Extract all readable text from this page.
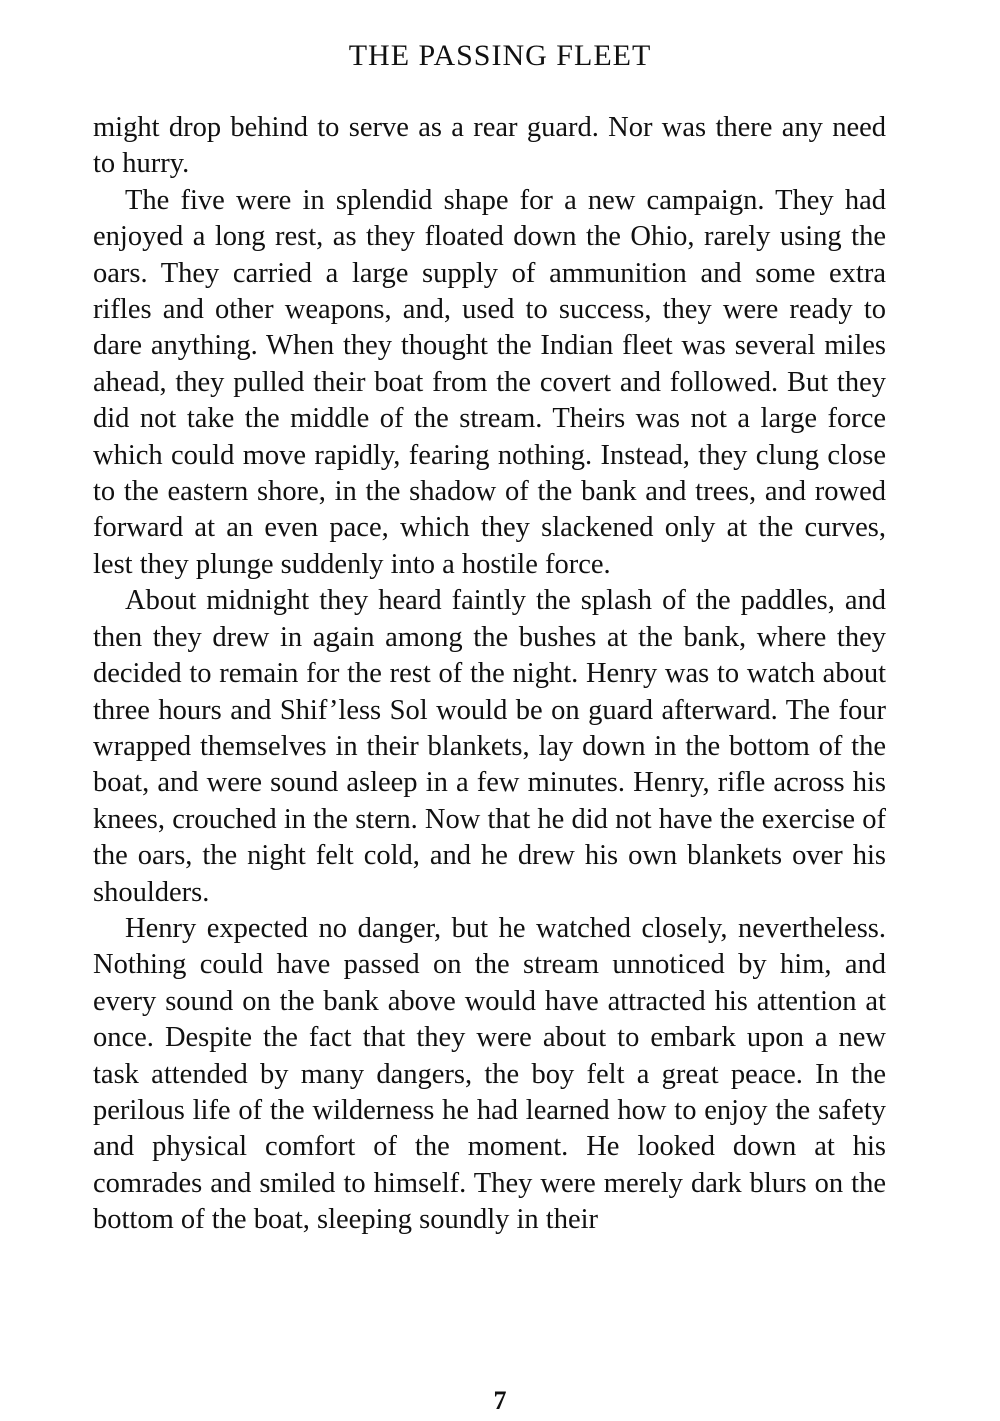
THE PASSING FLEET

might drop behind to serve as a rear guard. Nor was there any need to hurry.

The five were in splendid shape for a new campaign. They had enjoyed a long rest, as they floated down the Ohio, rarely using the oars. They carried a large supply of ammunition and some extra rifles and other weapons, and, used to success, they were ready to dare anything. When they thought the Indian fleet was several miles ahead, they pulled their boat from the covert and followed. But they did not take the middle of the stream. Theirs was not a large force which could move rapidly, fearing nothing. Instead, they clung close to the eastern shore, in the shadow of the bank and trees, and rowed forward at an even pace, which they slackened only at the curves, lest they plunge suddenly into a hostile force.

About midnight they heard faintly the splash of the paddles, and then they drew in again among the bushes at the bank, where they decided to remain for the rest of the night. Henry was to watch about three hours and Shif’less Sol would be on guard afterward. The four wrapped themselves in their blankets, lay down in the bottom of the boat, and were sound asleep in a few minutes. Henry, rifle across his knees, crouched in the stern. Now that he did not have the exercise of the oars, the night felt cold, and he drew his own blankets over his shoulders.

Henry expected no danger, but he watched closely, nevertheless. Nothing could have passed on the stream unnoticed by him, and every sound on the bank above would have attracted his attention at once. Despite the fact that they were about to embark upon a new task attended by many dangers, the boy felt a great peace. In the perilous life of the wilderness he had learned how to enjoy the safety and physical comfort of the moment. He looked down at his comrades and smiled to himself. They were merely dark blurs on the bottom of the boat, sleeping soundly in their

7
